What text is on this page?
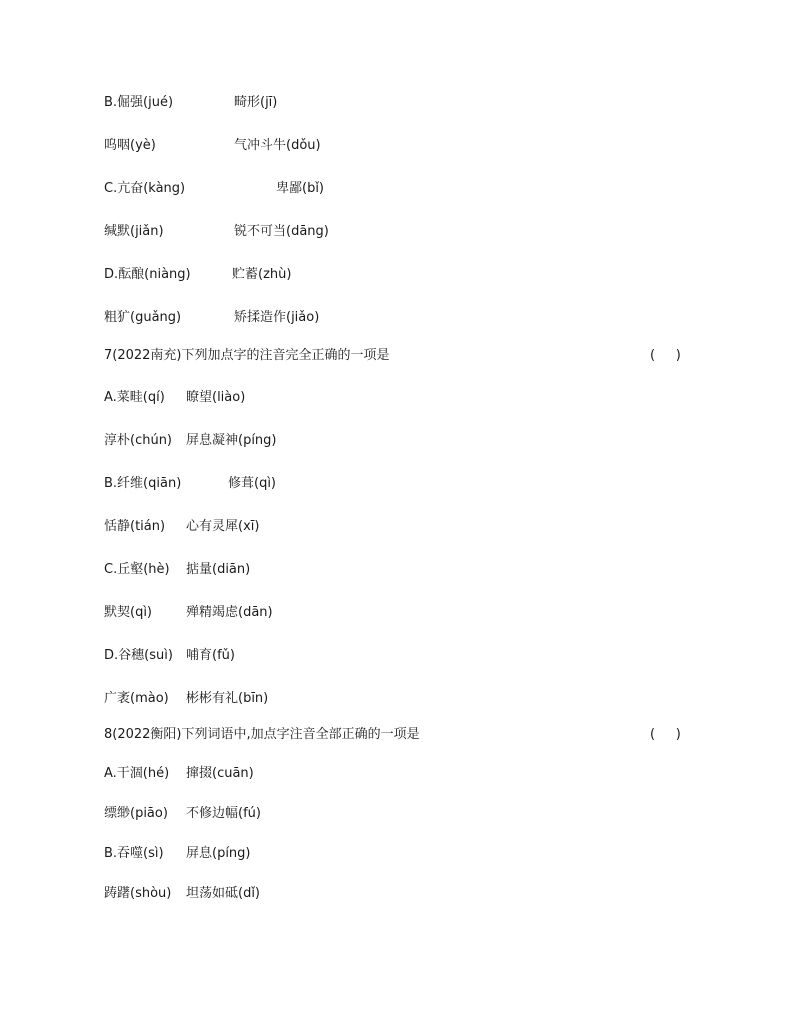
B.倔强(jué)	畸形(jī)
呜咽(yè)	气冲斗牛(dǒu)
C.亢奋(kàng)	卑鄙(bǐ)
缄默(jiǎn)	锐不可当(dāng)
D.酝酿(niàng)	贮蓄(zhù)
粗犷(guǎng)	矫揉造作(jiǎo)
7(2022南充)下列加点字的注音完全正确的一项是	(     )
A.菜畦(qí) 瞭望(liào)
淳朴(chún) 屏息凝神(píng)
B.纤维(qiān)	修葺(qì)
恬静(tián) 心有灵犀(xī)
C.丘壑(hè) 掂量(diān)
默契(qì)	殚精竭虑(dān)
D.谷穗(suì) 哺育(fǔ)
广袤(mào) 彬彬有礼(bīn)
8(2022衡阳)下列词语中,加点字注音全部正确的一项是	(     )
A.干涸(hé) 撺掇(cuān)
缥缈(piāo) 不修边幅(fú)
B.吞噬(sì) 屏息(píng)
踌躇(shòu) 坦荡如砥(dǐ)
